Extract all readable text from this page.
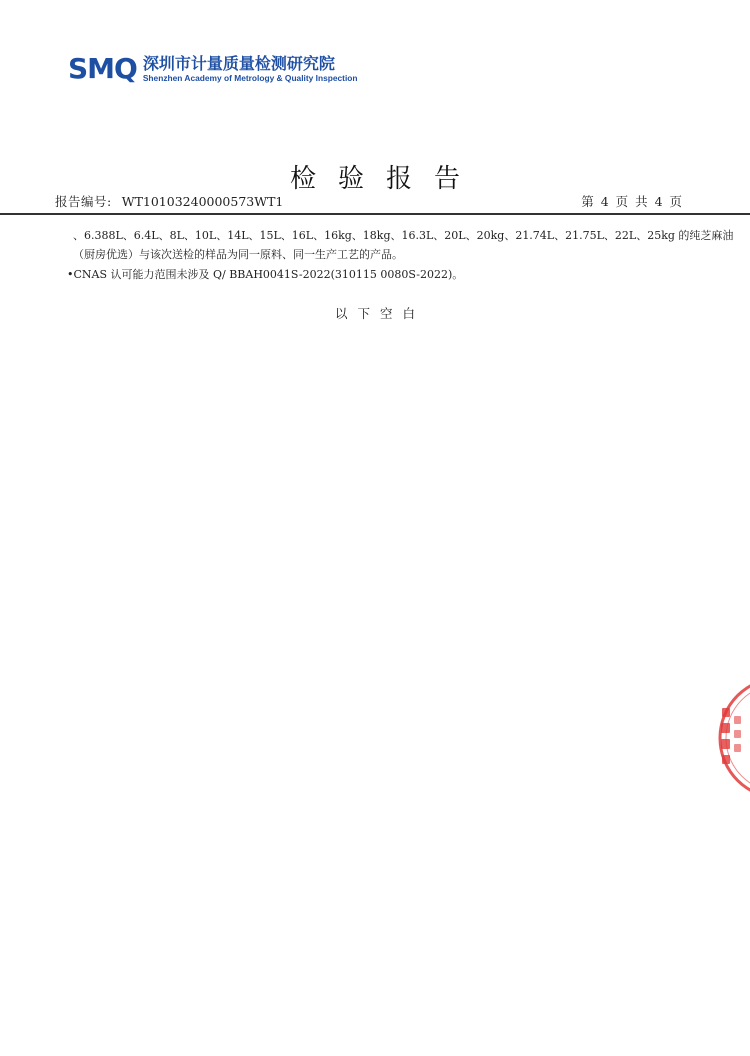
SMQ 深圳市计量质量检测研究院
Shenzhen Academy of Metrology & Quality Inspection
检验报告
报告编号: WT10103240000573WT1	第 4 页 共 4 页
、6.388L、6.4L、8L、10L、14L、15L、16L、16kg、18kg、16.3L、20L、20kg、21.74L、21.75L、22L、25kg 的纯芝麻油
（厨房优选）与该次送检的样品为同一原料、同一生产工艺的产品。
•CNAS 认可能力范围未涉及 Q/ BBAH0041S-2022(310115 0080S-2022)。
以下空白
